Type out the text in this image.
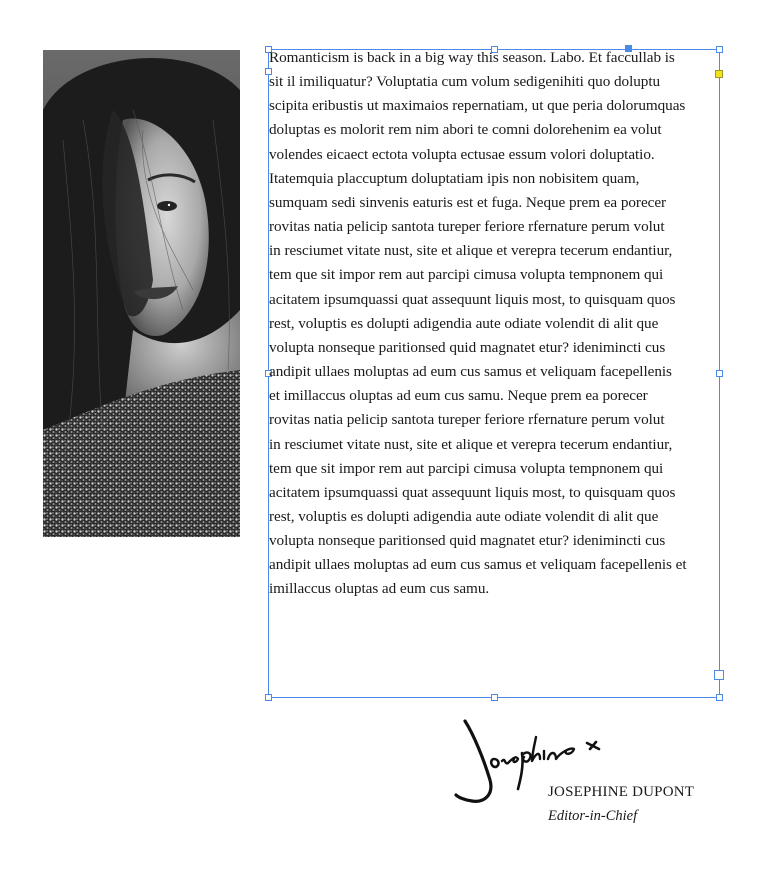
Romanticism is back in a big way this season. Labo. Et faccullab is
sit il imiliquatur? Voluptatia cum volum sedigenihiti quo doluptu
scipita eribustis ut maximaios repernatiam, ut que peria dolorumquas
doluptas es molorit rem nim abori te comni dolorehenim ea volut
volendes eicaect ectota volupta ectusae essum volori doluptatio.
Itatemquia placcuptum doluptatiam ipis non nobisitem quam,
sumquam sedi sinvenis eaturis est et fuga. Neque prem ea porecer
rovitas natia pelicip santota tureper feriore rfernature perum volut
in resciumet vitate nust, site et alique et verepra tecerum endantiur,
tem que sit impor rem aut parcipi cimusa volupta tempnonem qui
acitatem ipsumquassi quat assequunt liquis most, to quisquam quos
rest, voluptis es dolupti adigendia aute odiate volendit di alit que
volupta nonseque paritionsed quid magnatet etur? idenimincti cus
andipit ullaes moluptas ad eum cus samus et veliquam facepellenis
et imillaccus oluptas ad eum cus samu. Neque prem ea porecer
rovitas natia pelicip santota tureper feriore rfernature perum volut
in resciumet vitate nust, site et alique et verepra tecerum endantiur,
tem que sit impor rem aut parcipi cimusa volupta tempnonem qui
acitatem ipsumquassi quat assequunt liquis most, to quisquam quos
rest, voluptis es dolupti adigendia aute odiate volendit di alit que
volupta nonseque paritionsed quid magnatet etur? idenimincti cus
andipit ullaes moluptas ad eum cus samus et veliquam facepellenis et
imillaccus oluptas ad eum cus samu.
JOSEPHINE DUPONT
Editor-in-Chief
